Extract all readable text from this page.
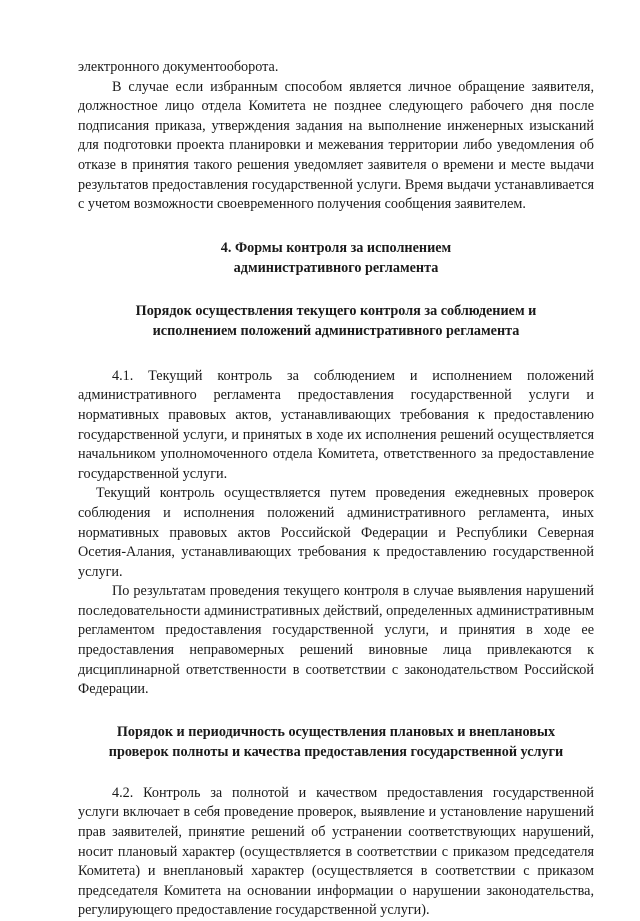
электронного документооборота.

В случае если избранным способом является личное обращение заявителя, должностное лицо отдела Комитета не позднее следующего рабочего дня после подписания приказа, утверждения задания на выполнение инженерных изысканий для подготовки проекта планировки и межевания территории либо уведомления об отказе в принятия такого решения уведомляет заявителя о времени и месте выдачи результатов предоставления государственной услуги. Время выдачи устанавливается с учетом возможности своевременного получения сообщения заявителем.

4. Формы контроля за исполнением
административного регламента
Порядок осуществления текущего контроля за соблюдением и
исполнением положений административного регламента

4.1. Текущий контроль за соблюдением и исполнением положений административного регламента предоставления государственной услуги и нормативных правовых актов, устанавливающих требования к предоставлению государственной услуги, и принятых в ходе их исполнения решений осуществляется начальником уполномоченного отдела Комитета, ответственного за предоставление государственной услуги.

Текущий контроль осуществляется путем проведения ежедневных проверок соблюдения и исполнения положений административного регламента, иных нормативных правовых актов Российской Федерации и Республики Северная Осетия-Алания, устанавливающих требования к предоставлению государственной услуги.

По результатам проведения текущего контроля в случае выявления нарушений последовательности административных действий, определенных административным регламентом предоставления государственной услуги, и принятия в ходе ее предоставления неправомерных решений виновные лица привлекаются к дисциплинарной ответственности в соответствии с законодательством Российской Федерации.

Порядок и периодичность осуществления плановых и внеплановых
проверок полноты и качества предоставления государственной услуги

4.2. Контроль за полнотой и качеством предоставления государственной услуги включает в себя проведение проверок, выявление и установление нарушений прав заявителей, принятие решений об устранении соответствующих нарушений, носит плановый характер (осуществляется в соответствии с приказом председателя Комитета) и внеплановый характер (осуществляется в соответствии с приказом председателя Комитета на основании информации о нарушении законодательства, регулирующего предоставление государственной услуги).
